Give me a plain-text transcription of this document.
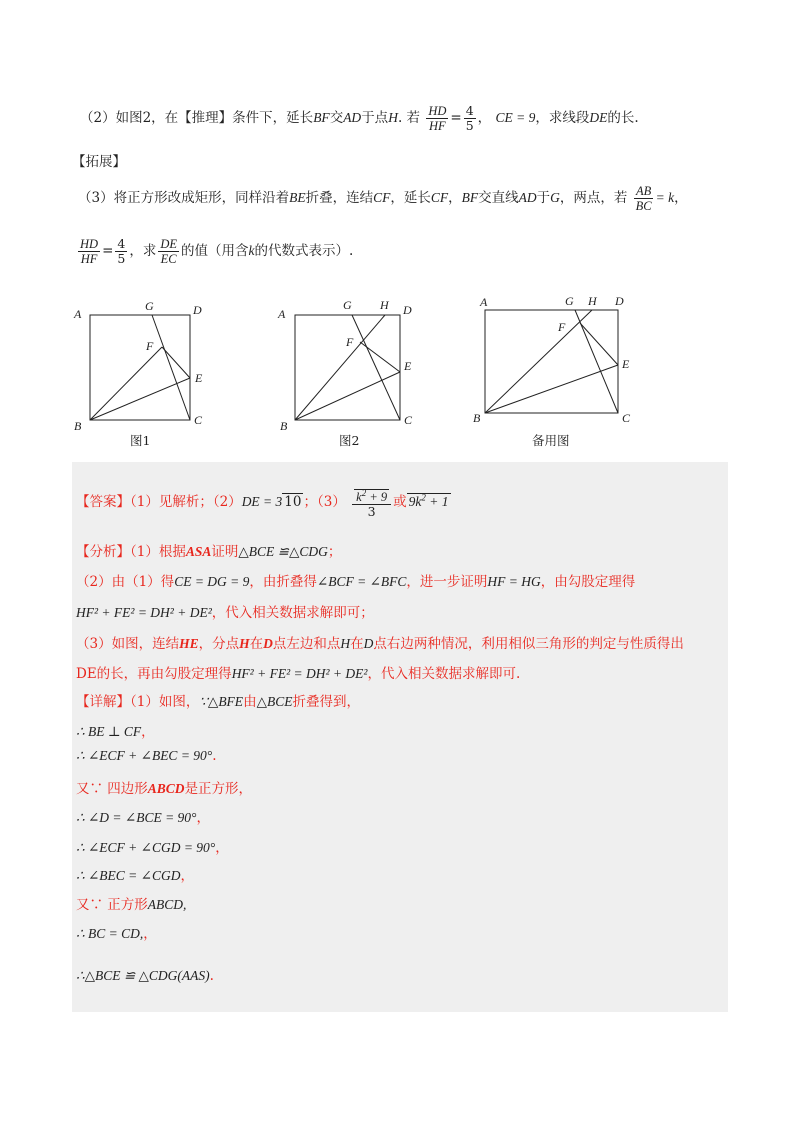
（2）如图2，在【推理】条件下，延长BF交AD于点H. 若 $\frac{HD}{HF} = \frac{4}{5}$ ， CE = 9，求线段DE的长.
【拓展】
（3）将正方形改成矩形，同样沿着BE折叠，连结CF，延长CF，BF交直线AD于G，两点，若 $\frac{AB}{BC} = k$，
$\frac{HD}{HF} = \frac{4}{5}$ ，求 $\frac{DE}{EC}$ 的值（用含k的代数式表示）.
A
G	D
F
E
B	C
图1
A
G H D
F
E
B	C
图2
A	G H D
F
E
B	C
备用图
【答案】（1）见解析；（2）DE = 3 10 ；$(3) \frac{k^2 + 9}{3}$ 或 $9k^2 + 1$
【分析】（1）根据ASA证明△BCE ≌△CDG；
（2）由（1）得CE = DG = 9，由折叠得∠BCF = ∠BFC，进一步证明HF = HG，由勾股定理得
HF² + FE² = DH² + DE²，代入相关数据求解即可；
（3）如图，连结HE，分点H在D点左边和点H在D点右边两种情况，利用相似三角形的判定与性质得出
DE的长，再由勾股定理得HF² + FE² = DH² + DE²，代入相关数据求解即可.
【详解】（1）如图，∵△BFE由△BCE折叠得到，
∴ BE ⊥ CF，
∴ ∠ECF + ∠BEC = 90°.
又∵ 四边形ABCD是正方形，
∴ ∠D = ∠BCE = 90°，
∴ ∠ECF + ∠CGD = 90°，
∴ ∠BEC = ∠CGD，
又∵ 正方形ABCD,
∴ BC = CD,，
∴△BCE ≌ △CDG(AAS).
